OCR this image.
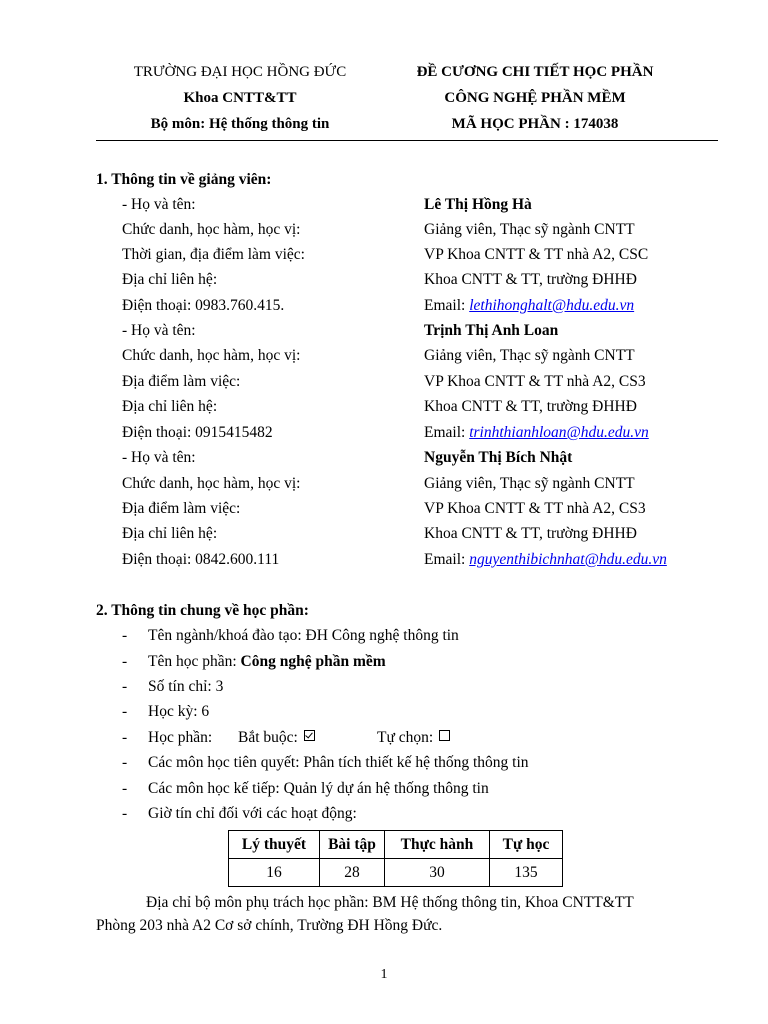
TRƯỜNG ĐẠI HỌC HỒNG ĐỨC
Khoa CNTT&TT
Bộ môn: Hệ thống thông tin
ĐỀ CƯƠNG CHI TIẾT HỌC PHẦN
CÔNG NGHỆ PHẦN MỀM
MÃ HỌC PHẦN : 174038
1. Thông tin về giảng viên:
- Họ và tên:	Lê Thị Hồng Hà
Chức danh, học hàm, học vị:	Giảng viên, Thạc sỹ ngành CNTT
Thời gian, địa điểm làm việc:	VP Khoa CNTT & TT nhà A2, CSC
Địa chỉ liên hệ:	Khoa CNTT & TT, trường ĐHHĐ
Điện thoại: 0983.760.415.	Email: lethihonghalt@hdu.edu.vn
- Họ và tên:	Trịnh Thị Anh Loan
Chức danh, học hàm, học vị:	Giảng viên, Thạc sỹ ngành CNTT
Địa điểm làm việc:	VP Khoa CNTT & TT nhà A2, CS3
Địa chỉ liên hệ:	Khoa CNTT & TT, trường ĐHHĐ
Điện thoại: 0915415482	Email: trinhthianhloan@hdu.edu.vn
- Họ và tên:	Nguyễn Thị Bích Nhật
Chức danh, học hàm, học vị:	Giảng viên, Thạc sỹ ngành CNTT
Địa điểm làm việc:	VP Khoa CNTT & TT nhà A2, CS3
Địa chỉ liên hệ:	Khoa CNTT & TT, trường ĐHHĐ
Điện thoại: 0842.600.111	Email: nguyenthibichnhat@hdu.edu.vn
2. Thông tin chung về học phần:
- Tên ngành/khoá đào tạo: ĐH Công nghệ thông tin
- Tên học phần: Công nghệ phần mềm
- Số tín chỉ: 3
- Học kỳ: 6
- Học phần: Bắt buộc:	Tự chọn:
- Các môn học tiên quyết: Phân tích thiết kế hệ thống thông tin
- Các môn học kế tiếp: Quản lý dự án hệ thống thông tin
- Giờ tín chỉ đối với các hoạt động:
Lý thuyết	Bài tập	Thực hành	Tự học
16	28	30	135
Địa chỉ bộ môn phụ trách học phần: BM Hệ thống thông tin, Khoa CNTT&TT
Phòng 203 nhà A2 Cơ sở chính, Trường ĐH Hồng Đức.
1
